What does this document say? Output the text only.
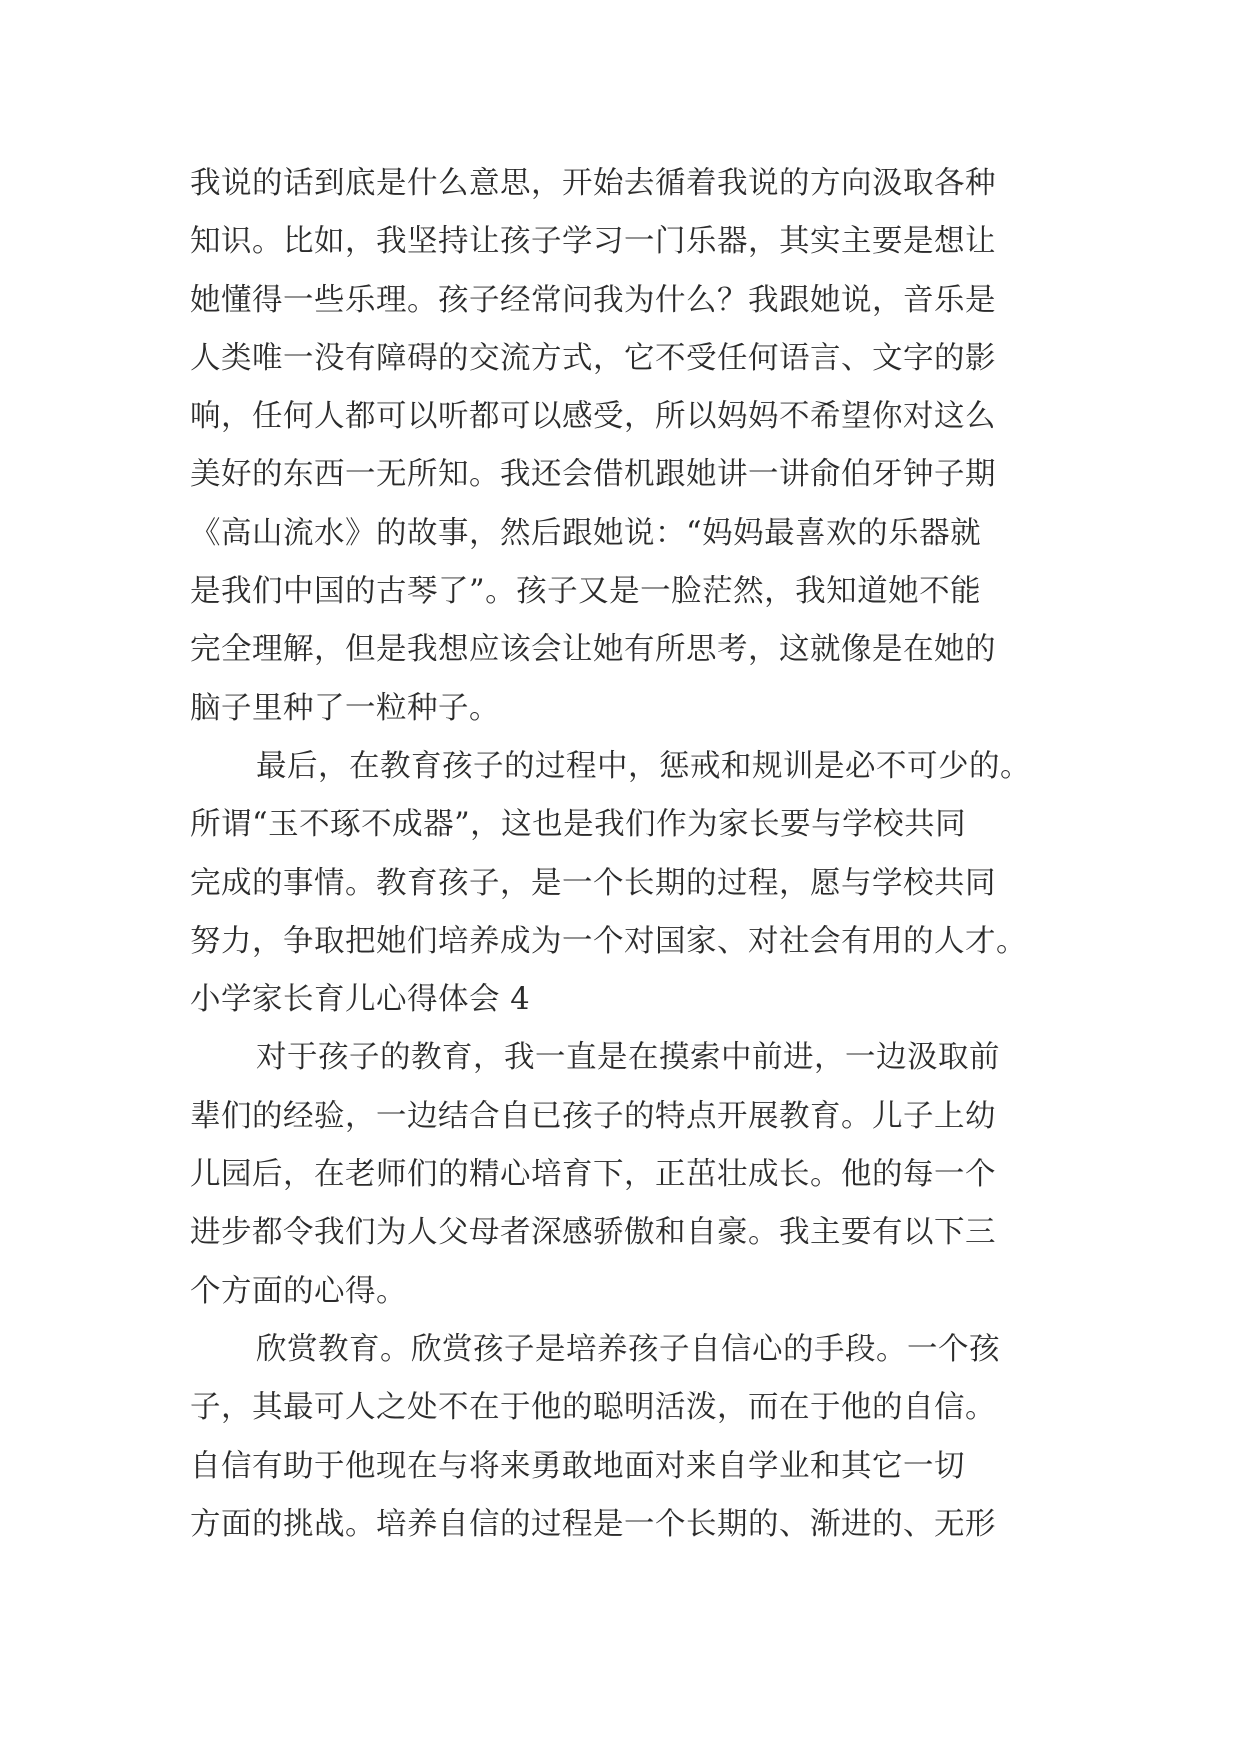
我说的话到底是什么意思，开始去循着我说的方向汲取各种
知识。比如，我坚持让孩子学习一门乐器，其实主要是想让
她懂得一些乐理。孩子经常问我为什么？我跟她说，音乐是
人类唯一没有障碍的交流方式，它不受任何语言、文字的影
响，任何人都可以听都可以感受，所以妈妈不希望你对这么
美好的东西一无所知。我还会借机跟她讲一讲俞伯牙钟子期
《高山流水》的故事，然后跟她说：“妈妈最喜欢的乐器就
是我们中国的古琴了”。孩子又是一脸茫然，我知道她不能
完全理解，但是我想应该会让她有所思考，这就像是在她的
脑子里种了一粒种子。
最后，在教育孩子的过程中，惩戒和规训是必不可少的。
所谓“玉不琢不成器”，这也是我们作为家长要与学校共同
完成的事情。教育孩子，是一个长期的过程，愿与学校共同
努力，争取把她们培养成为一个对国家、对社会有用的人才。
小学家长育儿心得体会 4
对于孩子的教育，我一直是在摸索中前进，一边汲取前
辈们的经验，一边结合自已孩子的特点开展教育。儿子上幼
儿园后，在老师们的精心培育下，正茁壮成长。他的每一个
进步都令我们为人父母者深感骄傲和自豪。我主要有以下三
个方面的心得。
欣赏教育。欣赏孩子是培养孩子自信心的手段。一个孩
子，其最可人之处不在于他的聪明活泼，而在于他的自信。
自信有助于他现在与将来勇敢地面对来自学业和其它一切
方面的挑战。培养自信的过程是一个长期的、渐进的、无形
